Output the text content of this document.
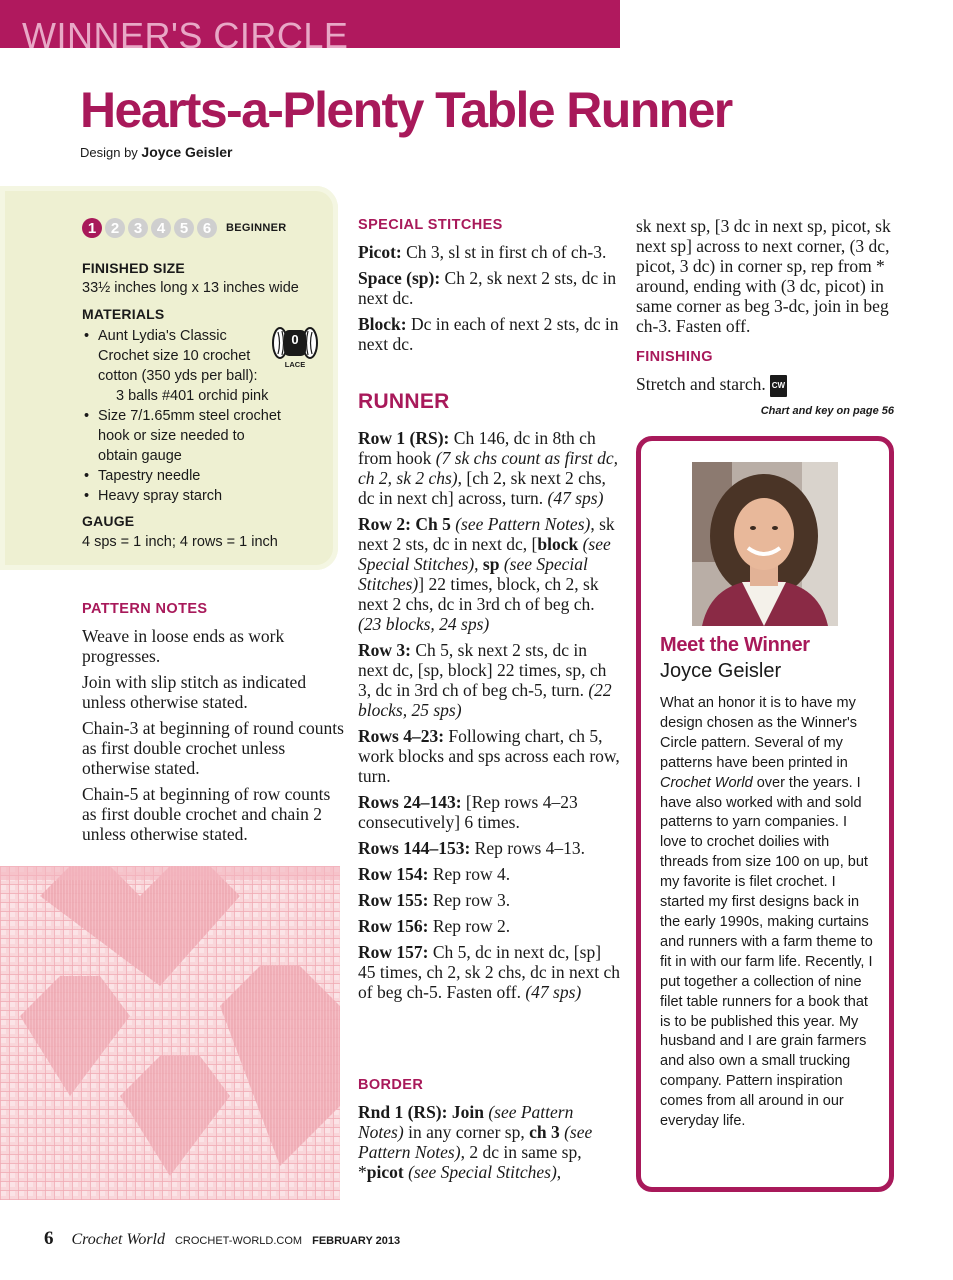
WINNER'S CIRCLE
Hearts-a-Plenty Table Runner
Design by Joyce Geisler
1 2 3 4 5 6	BEGINNER
FINISHED SIZE
33½ inches long x 13 inches wide
MATERIALS
• Aunt Lydia's Classic
Crochet size 10 crochet
cotton (350 yds per ball):
3 balls #401 orchid pink
• Size 7/1.65mm steel crochet
hook or size needed to
obtain gauge
• Tapestry needle
• Heavy spray starch
0
LACE
GAUGE
4 sps = 1 inch; 4 rows = 1 inch
PATTERN NOTES

Weave in loose ends as work progresses.

Join with slip stitch as indicated unless otherwise stated.

Chain-3 at beginning of round counts as first double crochet unless otherwise stated.

Chain-5 at beginning of row counts as first double crochet and chain 2 unless otherwise stated.

SPECIAL STITCHES

Picot: Ch 3, sl st in first ch of ch-3.

Space (sp): Ch 2, sk next 2 sts, dc in next dc.

Block: Dc in each of next 2 sts, dc in next dc.

RUNNER

Row 1 (RS): Ch 146, dc in 8th ch from hook (7 sk chs count as first dc, ch 2, sk 2 chs), [ch 2, sk next 2 chs, dc in next ch] across, turn. (47 sps)

Row 2: Ch 5 (see Pattern Notes), sk next 2 sts, dc in next dc, [block (see Special Stitches), sp (see Special Stitches)] 22 times, block, ch 2, sk next 2 chs, dc in 3rd ch of beg ch. (23 blocks, 24 sps)

Row 3: Ch 5, sk next 2 sts, dc in next dc, [sp, block] 22 times, sp, ch 3, dc in 3rd ch of beg ch-5, turn. (22 blocks, 25 sps)

Rows 4–23: Following chart, ch 5, work blocks and sps across each row, turn.

Rows 24–143: [Rep rows 4–23 consecutively] 6 times.

Rows 144–153: Rep rows 4–13.

Row 154: Rep row 4.

Row 155: Rep row 3.

Row 156: Rep row 2.

Row 157: Ch 5, dc in next dc, [sp] 45 times, ch 2, sk 2 chs, dc in next ch of beg ch-5. Fasten off. (47 sps)

BORDER

Rnd 1 (RS): Join (see Pattern Notes) in any corner sp, ch 3 (see Pattern Notes), 2 dc in same sp, *picot (see Special Stitches),

sk next sp, [3 dc in next sp, picot, sk next sp] across to next corner, (3 dc, picot, 3 dc) in corner sp, rep from * around, ending with (3 dc, picot) in same corner as beg 3-dc, join in beg ch-3. Fasten off.

FINISHING
Stretch and starch. CW
Chart and key on page 56
Meet the Winner
Joyce Geisler
What an honor it is to have my design chosen as the Winner's Circle pattern. Several of my patterns have been printed in Crochet World over the years. I have also worked with and sold patterns to yarn companies. I love to crochet doilies with threads from size 100 on up, but my favorite is filet crochet. I started my first designs back in the early 1990s, making curtains and runners with a farm theme to fit in with our farm life. Recently, I put together a collection of nine filet table runners for a book that is to be published this year. My husband and I are grain farmers and also own a small trucking company. Pattern inspiration comes from all around in our everyday life.
6 Crochet World CROCHET-WORLD.COM FEBRUARY 2013
